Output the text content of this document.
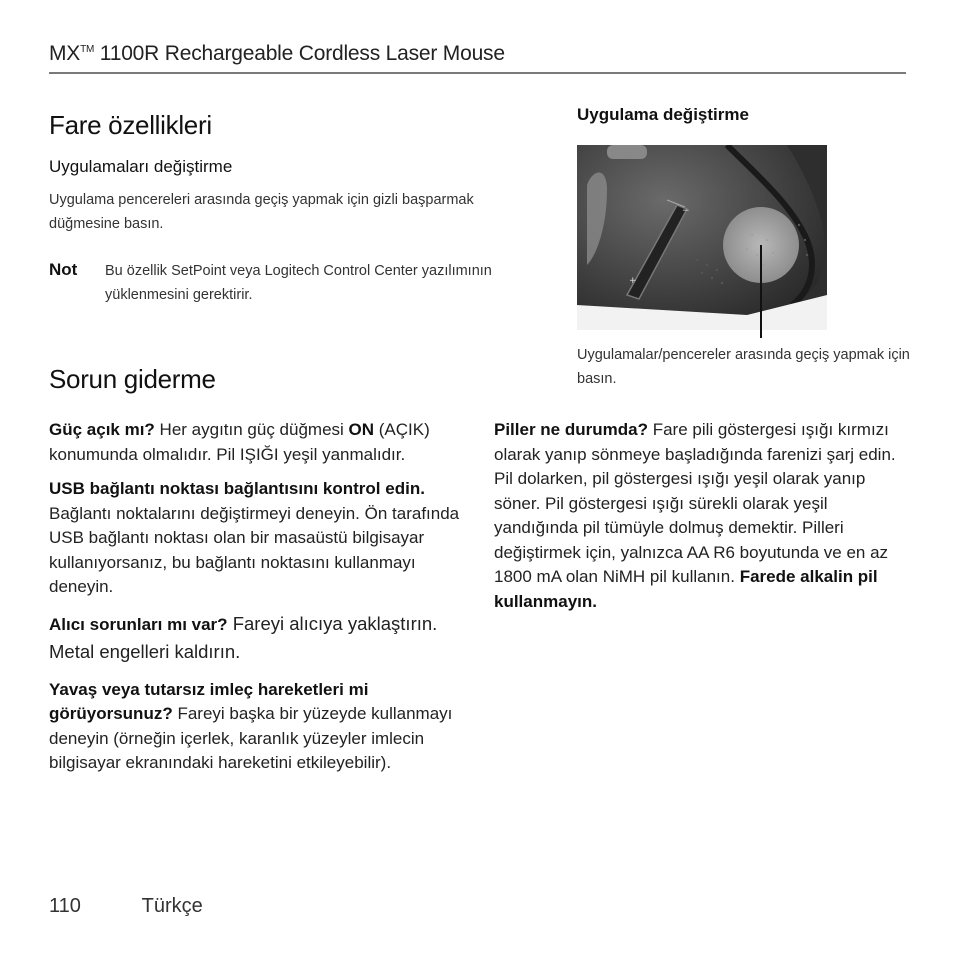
MX™ 1100R Rechargeable Cordless Laser Mouse
Fare özellikleri
Uygulamaları değiştirme

Uygulama pencereleri arasında geçiş yapmak için gizli başparmak düğmesine basın.

Not Bu özellik SetPoint veya Logitech Control Center yazılımının yüklenmesini gerektirir.

Uygulama değiştirme
−
+

Uygulamalar/pencereler arasında geçiş yapmak için basın.

Sorun giderme

Güç açık mı? Her aygıtın güç düğmesi ON (AÇIK) konumunda olmalıdır. Pil IŞIĞI yeşil yanmalıdır.

USB bağlantı noktası bağlantısını kontrol edin. Bağlantı noktalarını değiştirmeyi deneyin. Ön tarafında USB bağlantı noktası olan bir masaüstü bilgisayar kullanıyorsanız, bu bağlantı noktasını kullanmayı deneyin.

Alıcı sorunları mı var? Fareyi alıcıya yaklaştırın. Metal engelleri kaldırın.

Yavaş veya tutarsız imleç hareketleri mi görüyorsunuz? Fareyi başka bir yüzeyde kullanmayı deneyin (örneğin içerlek, karanlık yüzeyler imlecin bilgisayar ekranındaki hareketini etkileyebilir).

Piller ne durumda? Fare pili göstergesi ışığı kırmızı olarak yanıp sönmeye başladığında farenizi şarj edin. Pil dolarken, pil göstergesi ışığı yeşil olarak yanıp söner. Pil göstergesi ışığı sürekli olarak yeşil yandığında pil tümüyle dolmuş demektir. Pilleri değiştirmek için, yalnızca AA R6 boyutunda ve en az 1800 mA olan NiMH pil kullanın. Farede alkalin pil kullanmayın.

110	Türkçe
